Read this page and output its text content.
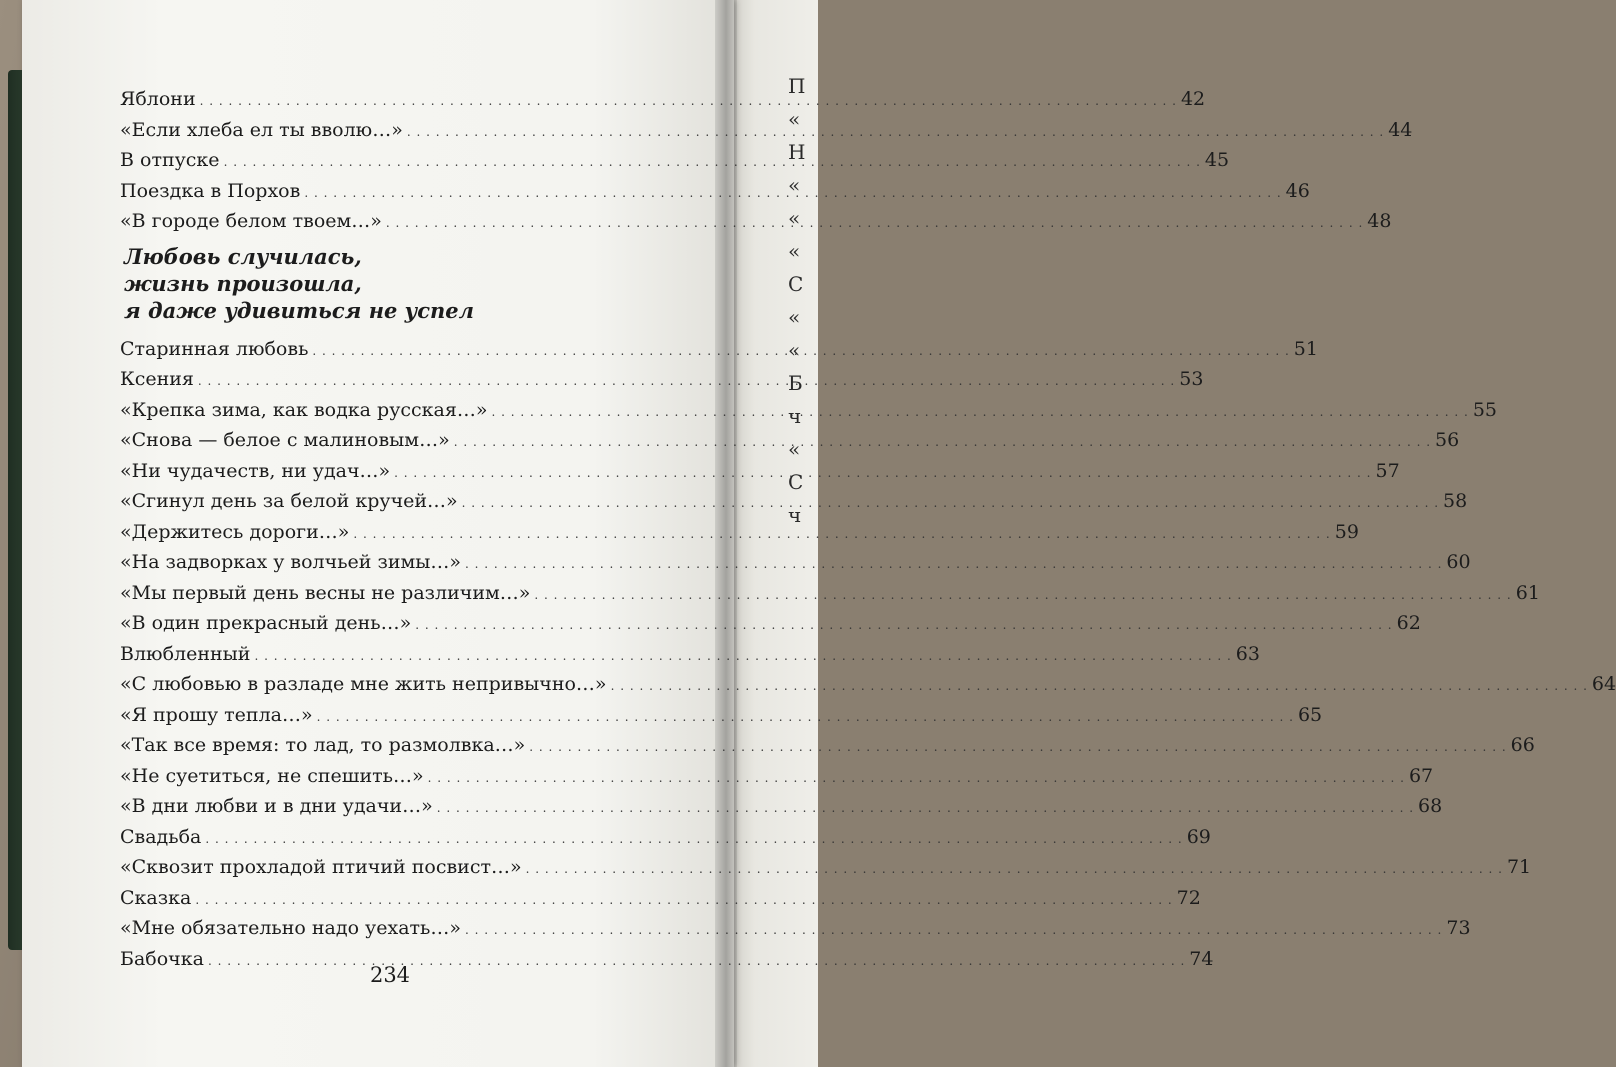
Яблони . . .	42
«Если хлеба ел ты вволю…» . . .	44
В отпуске . . .	45
Поездка в Порхов . . .	46
«В городе белом твоем…» . . .	48
Любовь случилась,
жизнь произошла,
я даже удивиться не успел
Старинная любовь . . .	51
Ксения . . .	53
«Крепка зима, как водка русская…» . . .	55
«Снова — белое с малиновым…» . . .	56
«Ни чудачеств, ни удач…» . . .	57
«Сгинул день за белой кручей…» . . .	58
«Держитесь дороги…» . . .	59
«На задворках у волчьей зимы…» . . .	60
«Мы первый день весны не различим…» . . .	61
«В один прекрасный день…» . . .	62
Влюбленный . . .	63
«С любовью в разладе мне жить непривычно…» . . .	64
«Я прошу тепла…» . . .	65
«Так все время: то лад, то размолвка…» . . .	66
«Не суетиться, не спешить…» . . .	67
«В дни любви и в дни удачи…» . . .	68
Свадьба . . .	69
«Сквозит прохладой птичий посвист…» . . .	71
Сказка . . .	72
«Мне обязательно надо уехать…» . . .	73
Бабочка . . .	74
234
П
«
Н
«
«
«
С
«
«
Б
ч
«
С
ч
